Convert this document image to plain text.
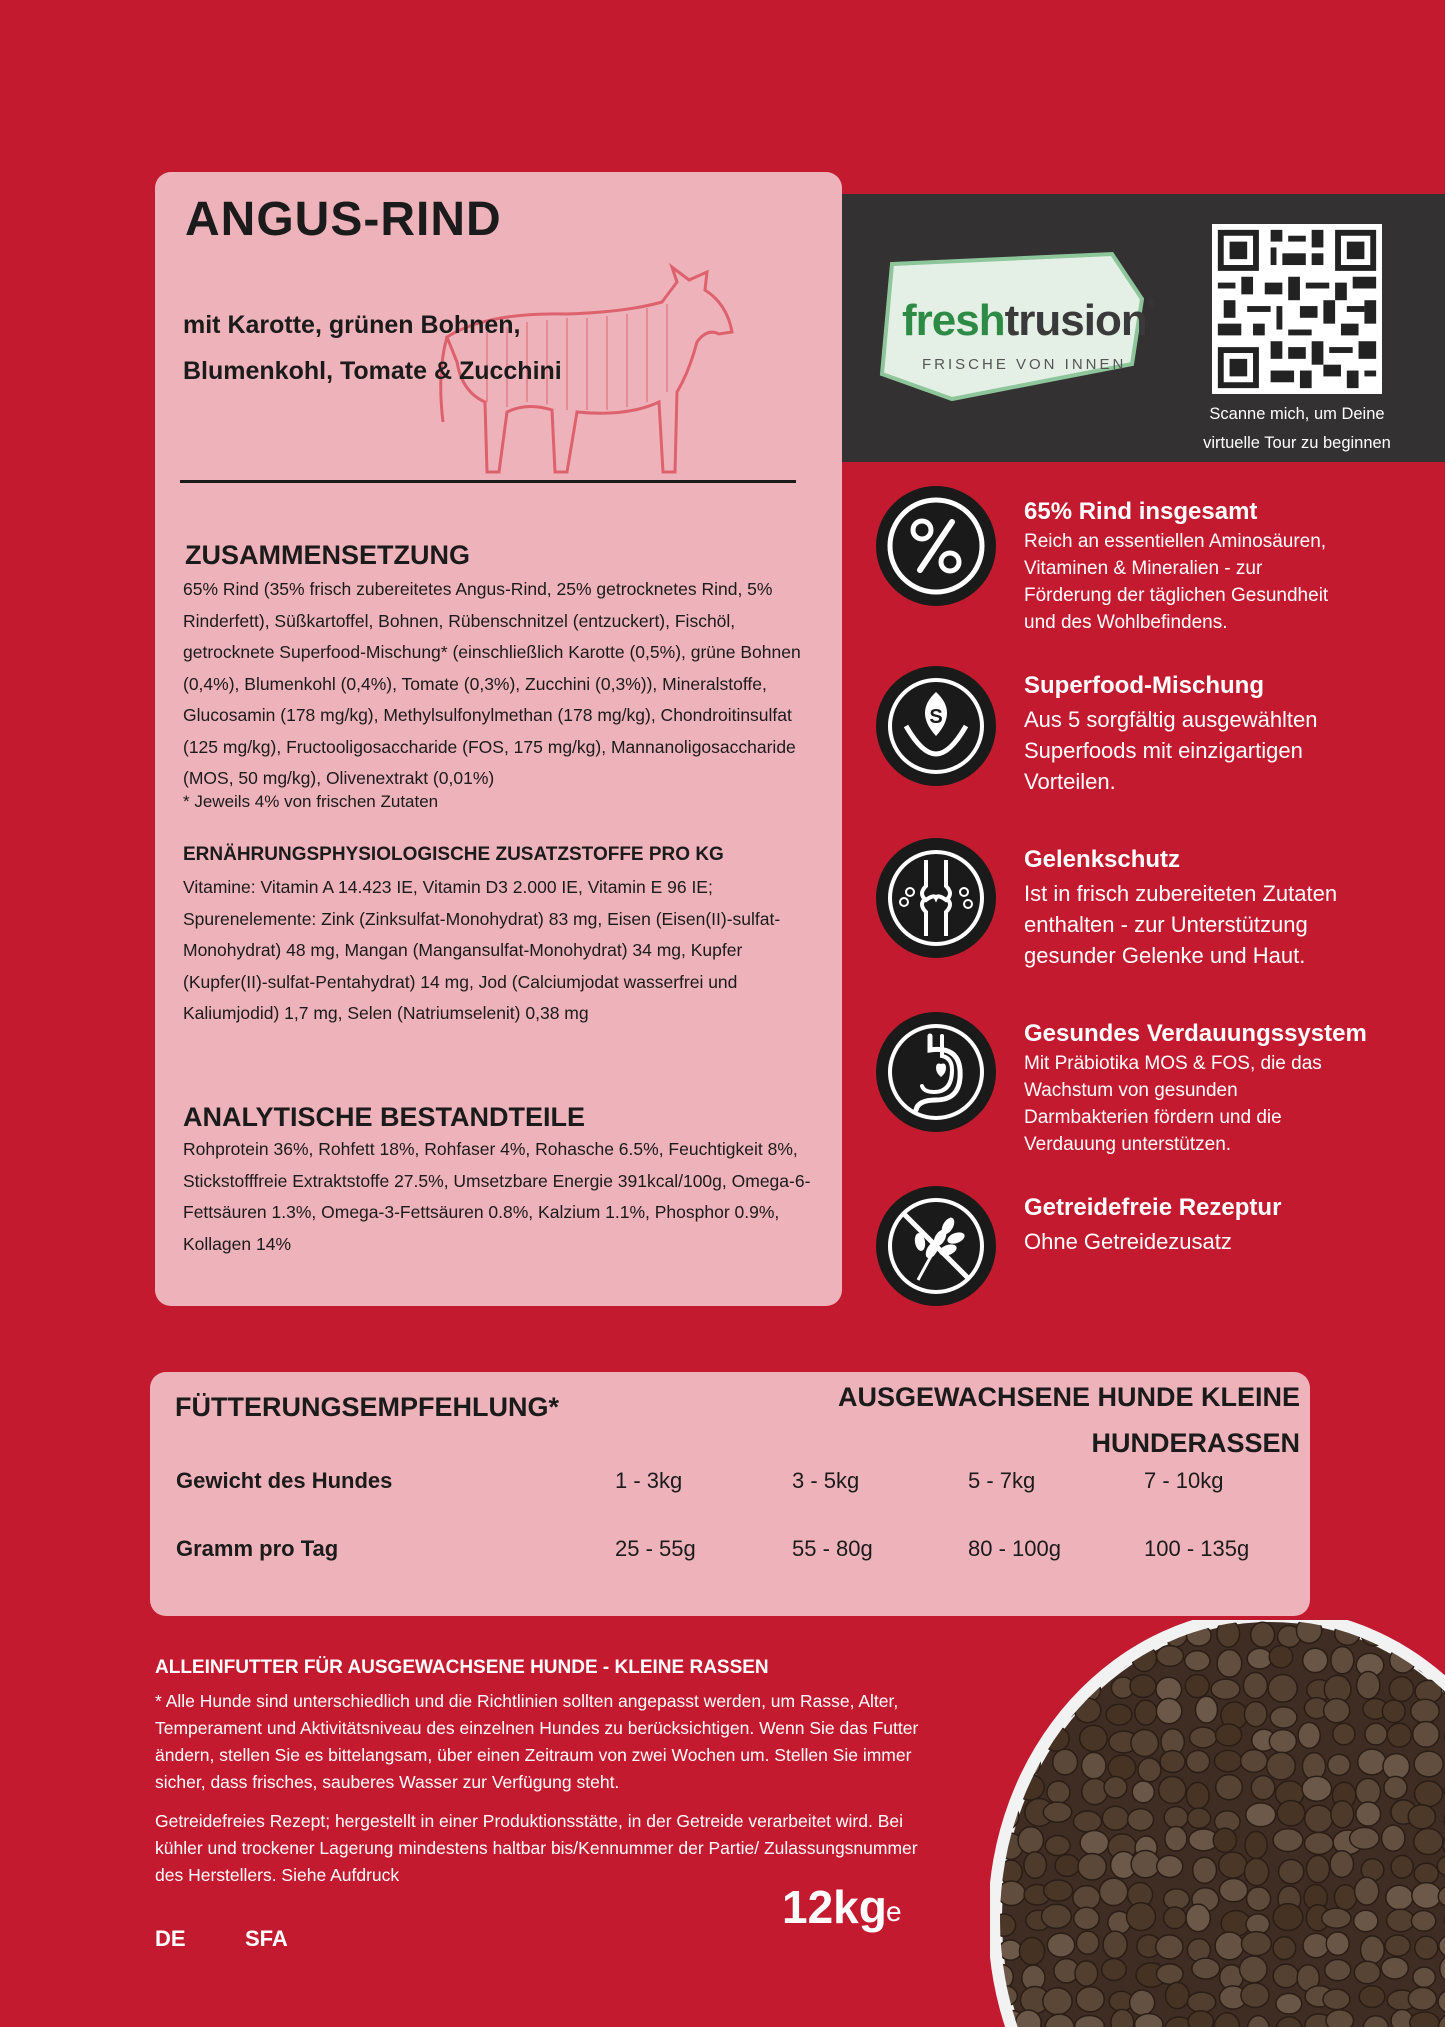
ANGUS-RIND
mit Karotte, grünen Bohnen,
Blumenkohl, Tomate & Zucchini
ZUSAMMENSETZUNG

65% Rind (35% frisch zubereitetes Angus-Rind, 25% getrocknetes Rind, 5% Rinderfett), Süßkartoffel, Bohnen, Rübenschnitzel (entzuckert), Fischöl, getrocknete Superfood-Mischung* (einschließlich Karotte (0,5%), grüne Bohnen (0,4%), Blumenkohl (0,4%), Tomate (0,3%), Zucchini (0,3%)), Mineralstoffe, Glucosamin (178 mg/kg), Methylsulfonylmethan (178 mg/kg), Chondroitinsulfat (125 mg/kg), Fructooligosaccharide (FOS, 175 mg/kg), Mannanoligosaccharide (MOS, 50 mg/kg), Olivenextrakt (0,01%)

* Jeweils 4% von frischen Zutaten

ERNÄHRUNGSPHYSIOLOGISCHE ZUSATZSTOFFE PRO KG

Vitamine: Vitamin A 14.423 IE, Vitamin D3 2.000 IE, Vitamin E 96 IE; Spurenelemente: Zink (Zinksulfat-Monohydrat) 83 mg, Eisen (Eisen(II)-sulfat-Monohydrat) 48 mg, Mangan (Mangansulfat-Monohydrat) 34 mg, Kupfer (Kupfer(II)-sulfat-Pentahydrat) 14 mg, Jod (Calciumjodat wasserfrei und Kaliumjodid) 1,7 mg, Selen (Natriumselenit) 0,38 mg

ANALYTISCHE BESTANDTEILE

Rohprotein 36%, Rohfett 18%, Rohfaser 4%, Rohasche 6.5%, Feuchtigkeit 8%, Stickstofffreie Extraktstoffe 27.5%, Umsetzbare Energie 391kcal/100g, Omega-6-Fettsäuren 1.3%, Omega-3-Fettsäuren 0.8%, Kalzium 1.1%, Phosphor 0.9%, Kollagen 14%

freshtrusion®
FRISCHE VON INNEN
Scanne mich, um Deine
virtuelle Tour zu beginnen
65% Rind insgesamt

Reich an essentiellen Aminosäuren, Vitaminen & Mineralien - zur Förderung der täglichen Gesundheit und des Wohlbefindens.

S
Superfood-Mischung

Aus 5 sorgfältig ausgewählten Superfoods mit einzigartigen Vorteilen.

Gelenkschutz

Ist in frisch zubereiteten Zutaten enthalten - zur Unterstützung gesunder Gelenke und Haut.

Gesundes Verdauungssystem

Mit Präbiotika MOS & FOS, die das Wachstum von gesunden Darmbakterien fördern und die Verdauung unterstützen.

Getreidefreie Rezeptur

Ohne Getreidezusatz

FÜTTERUNGSEMPFEHLUNG*	AUSGEWACHSENE HUNDE KLEINE
HUNDERASSEN

Gewicht des Hundes	1 - 3kg	3 - 5kg	5 - 7kg	7 - 10kg

Gramm pro Tag	25 - 55g	55 - 80g	80 - 100g	100 - 135g

ALLEINFUTTER FÜR AUSGEWACHSENE HUNDE - KLEINE RASSEN

* Alle Hunde sind unterschiedlich und die Richtlinien sollten angepasst werden, um Rasse, Alter, Temperament und Aktivitätsniveau des einzelnen Hundes zu berücksichtigen. Wenn Sie das Futter ändern, stellen Sie es bittelangsam, über einen Zeitraum von zwei Wochen um. Stellen Sie immer sicher, dass frisches, sauberes Wasser zur Verfügung steht.

Getreidefreies Rezept; hergestellt in einer Produktionsstätte, in der Getreide verarbeitet wird. Bei kühler und trockener Lagerung mindestens haltbar bis/Kennummer der Partie/ Zulassungsnummer des Herstellers. Siehe Aufdruck

12kg e

DE	SFA
